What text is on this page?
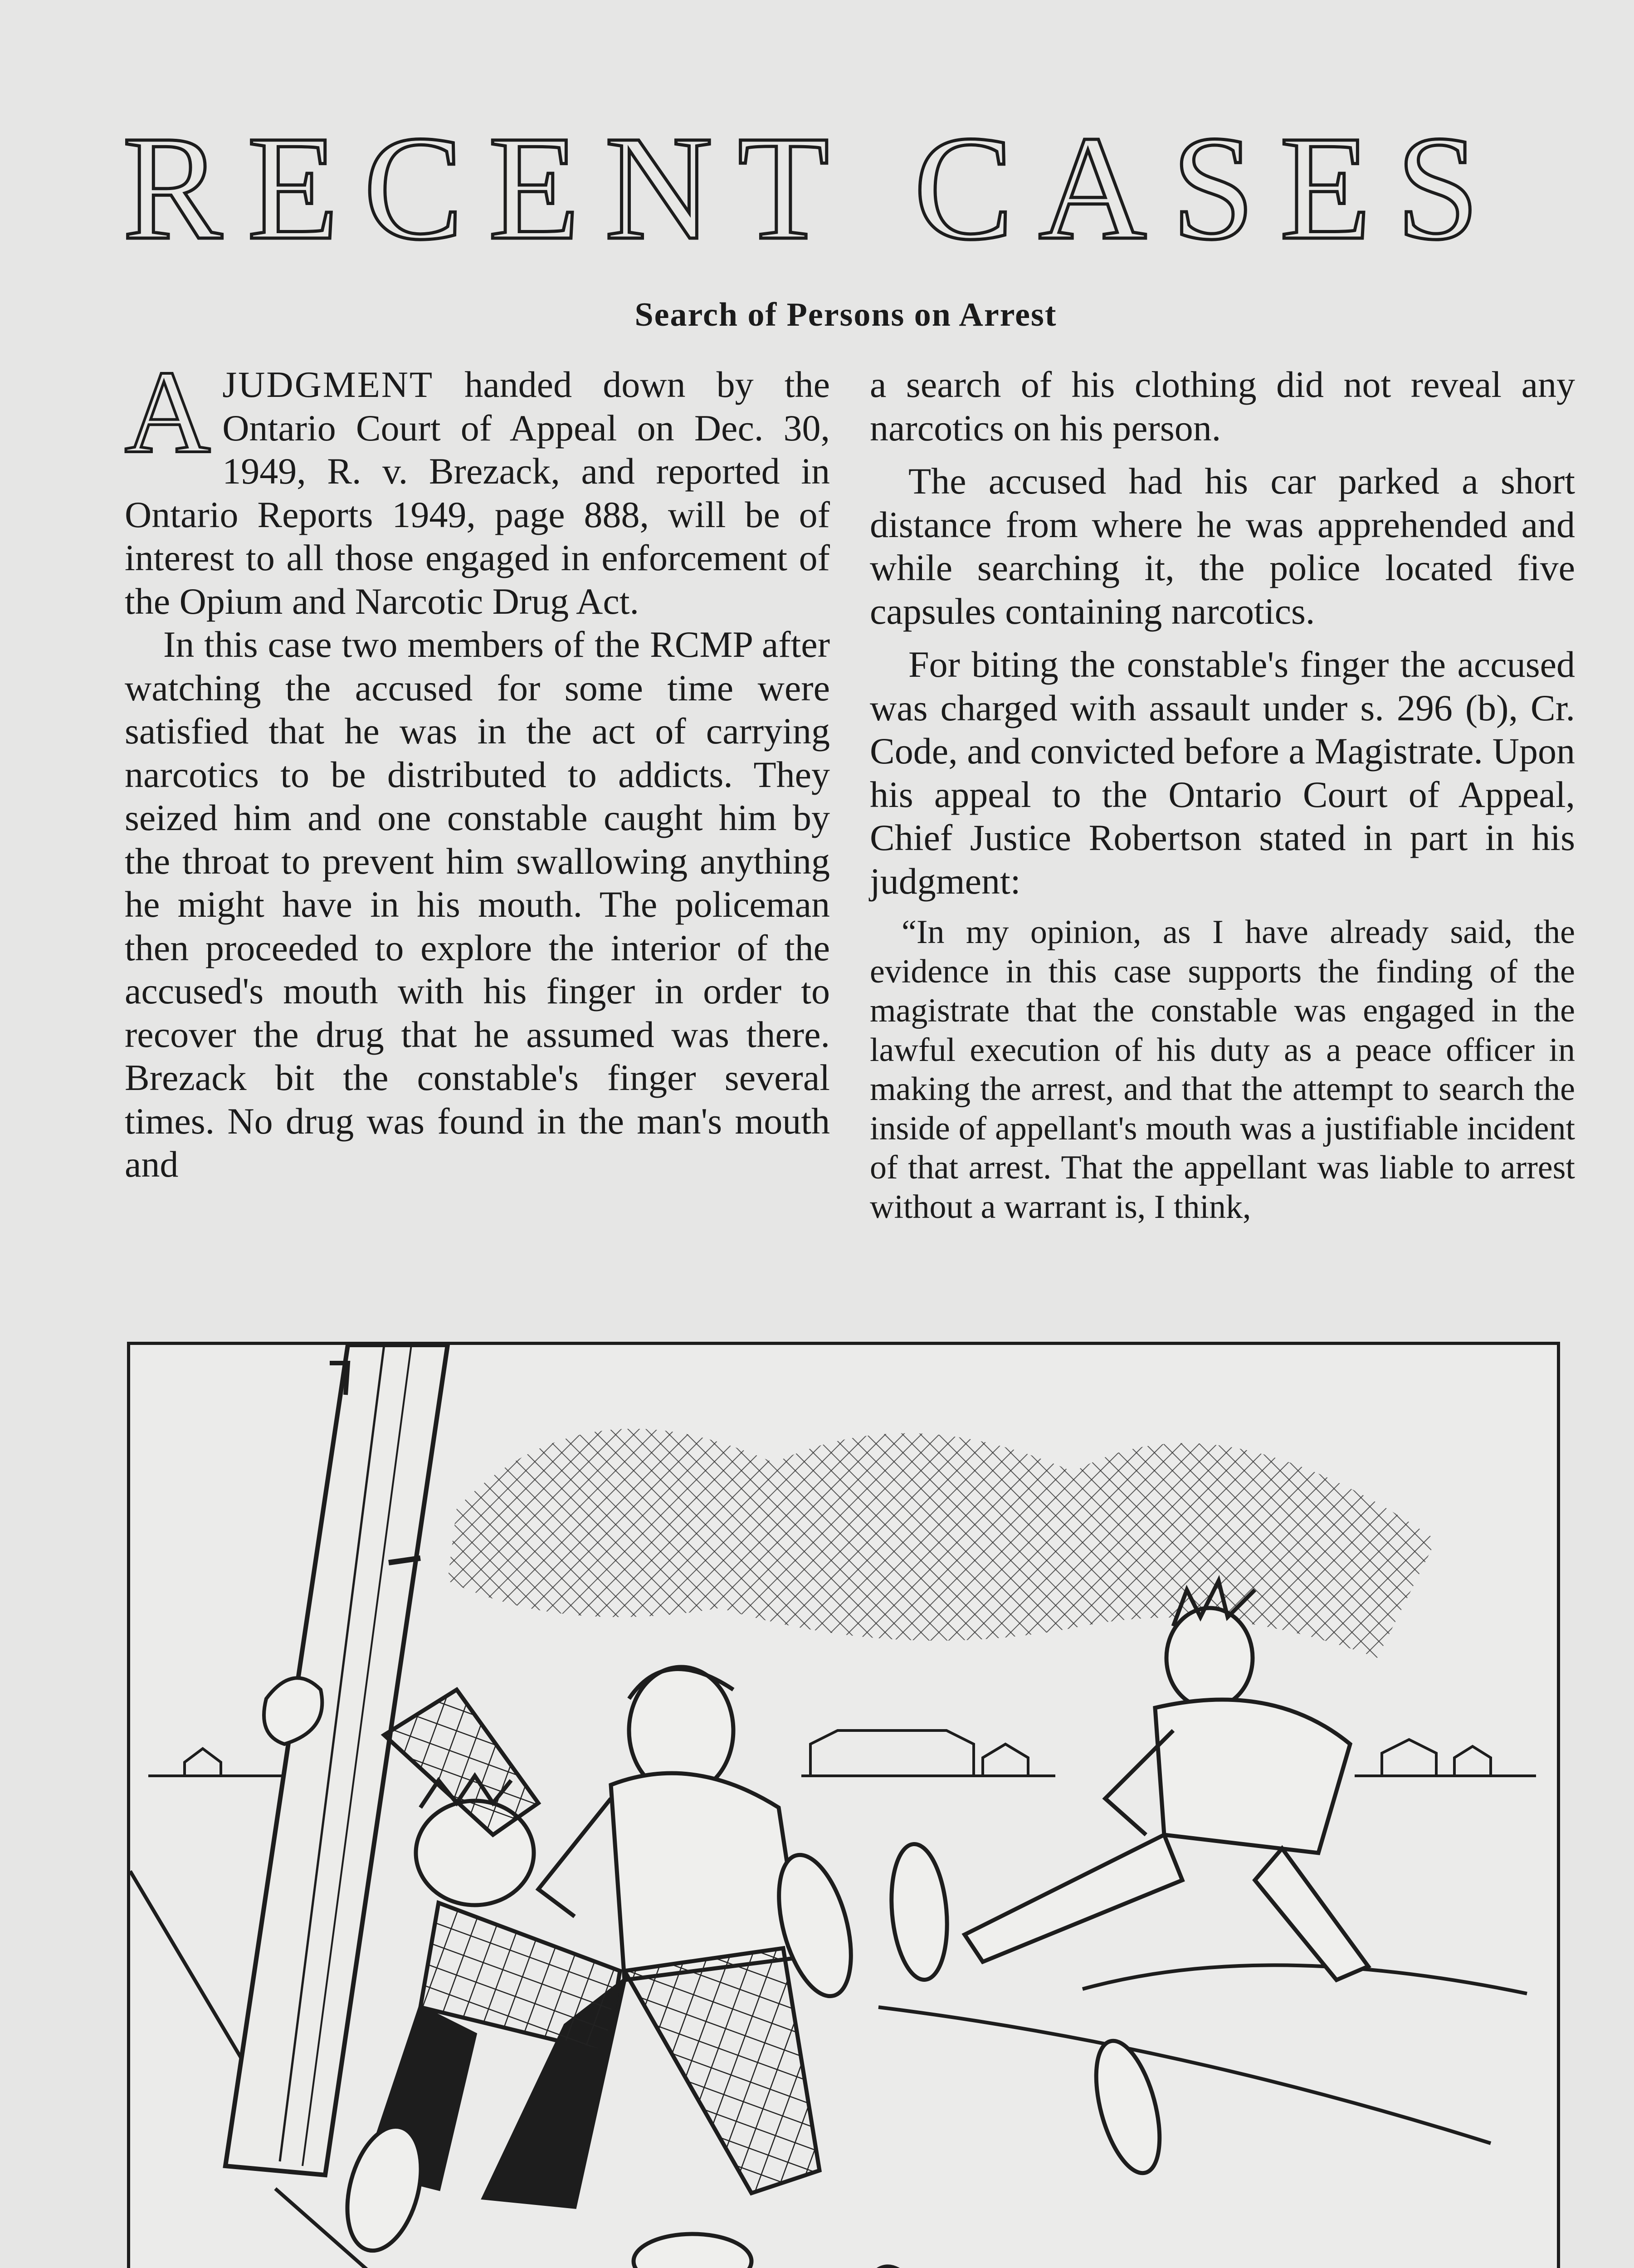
RECENT CASES
Search of Persons on Arrest

AJUDGMENT handed down by the Ontario Court of Appeal on Dec. 30, 1949, R. v. Brezack, and reported in Ontario Reports 1949, page 888, will be of interest to all those engaged in enforcement of the Opium and Narcotic Drug Act.

In this case two members of the RCMP after watching the accused for some time were satisfied that he was in the act of carrying narcotics to be distributed to addicts. They seized him and one constable caught him by the throat to prevent him swallowing anything he might have in his mouth. The policeman then proceeded to explore the interior of the accused's mouth with his finger in order to recover the drug that he assumed was there. Brezack bit the constable's finger several times. No drug was found in the man's mouth and

a search of his clothing did not reveal any narcotics on his person.

The accused had his car parked a short distance from where he was apprehended and while searching it, the police located five capsules containing narcotics.

For biting the constable's finger the accused was charged with assault under s. 296 (b), Cr. Code, and convicted before a Magistrate. Upon his appeal to the Ontario Court of Appeal, Chief Justice Robertson stated in part in his judgment:

“In my opinion, as I have already said, the evidence in this case supports the finding of the magistrate that the constable was engaged in the lawful execution of his duty as a peace officer in making the arrest, and that the attempt to search the inside of appellant's mouth was a justifiable incident of that arrest. That the appellant was liable to arrest without a warrant is, I think,
